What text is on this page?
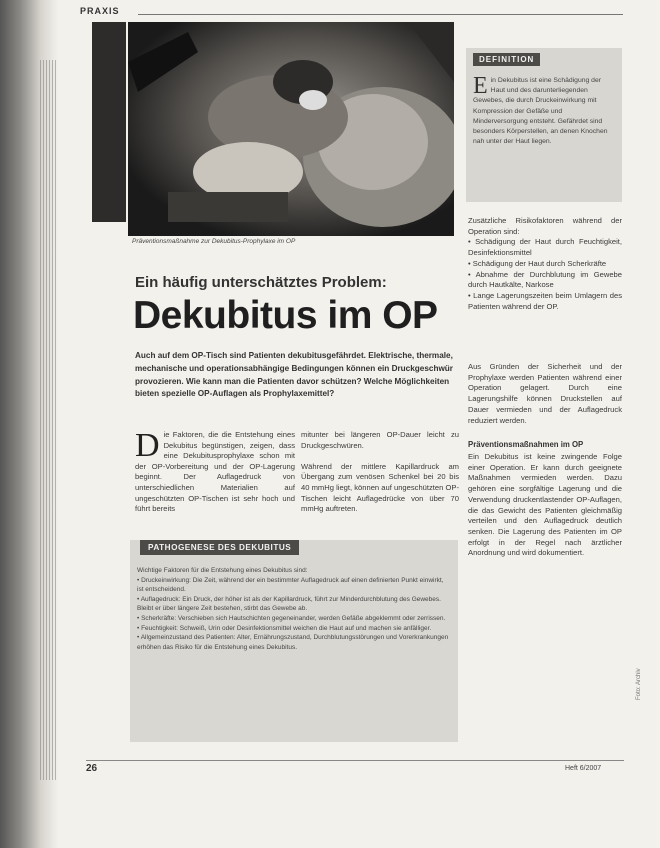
PRAXIS
Präventionsmaßnahme zur Dekubitus-Prophylaxe im OP
Ein häufig unterschätztes Problem:
Dekubitus im OP
Auch auf dem OP-Tisch sind Patienten dekubitusgefährdet. Elektrische, thermale, mechanische und operationsabhängige Bedingungen können ein Druckgeschwür provozieren. Wie kann man die Patienten davor schützen? Welche Möglichkeiten bieten spezielle OP-Auflagen als Prophylaxemittel?
D ie Faktoren, die die Entstehung eines Dekubitus begünstigen, zeigen, dass eine Dekubitusprophylaxe schon mit der OP-Vorbereitung und der OP-Lagerung beginnt. Der Auflagedruck von unterschiedlichen Materialien auf ungeschützten OP-Tischen ist sehr hoch und führt bereits
mitunter bei längeren OP-Dauer leicht zu Druckgeschwüren.

Während der mittlere Kapillardruck am Übergang zum venösen Schenkel bei 20 bis 40 mmHg liegt, können auf ungeschützten OP-Tischen leicht Auflagedrücke von über 70 mmHg auftreten.
DEFINITION
E in Dekubitus ist eine Schädigung der Haut und des darunterliegenden Gewebes, die durch Druckeinwirkung mit Kompression der Gefäße und Minderversorgung entsteht. Gefährdet sind besonders Körperstellen, an denen Knochen nah unter der Haut liegen.
Zusätzliche Risikofaktoren während der Operation sind:
• Schädigung der Haut durch Feuchtigkeit, Desinfektionsmittel
• Schädigung der Haut durch Scherkräfte
• Abnahme der Durchblutung im Gewebe durch Hautkälte, Narkose
• Lange Lagerungszeiten beim Umlagern des Patienten während der OP.
Aus Gründen der Sicherheit und der Prophylaxe werden Patienten während einer Operation gelagert. Durch eine Lagerungshilfe können Druckstellen auf Dauer vermieden und der Auflagedruck reduziert werden.
Präventionsmaßnahmen im OP
Ein Dekubitus ist keine zwingende Folge einer Operation. Er kann durch geeignete Maßnahmen vermieden werden. Dazu gehören eine sorgfältige Lagerung und die Verwendung druckentlastender OP-Auflagen, die das Gewicht des Patienten gleichmäßig verteilen und den Auflagedruck deutlich senken. Die Lagerung des Patienten im OP erfolgt in der Regel nach ärztlicher Anordnung und wird dokumentiert.
PATHOGENESE DES DEKUBITUS

Wichtige Faktoren für die Entstehung eines Dekubitus sind:

• Druckeinwirkung: Die Zeit, während der ein bestimmter Auflagedruck auf einen definierten Punkt einwirkt, ist entscheidend.

• Auflagedruck: Ein Druck, der höher ist als der Kapillardruck, führt zur Minderdurchblutung des Gewebes. Bleibt er über längere Zeit bestehen, stirbt das Gewebe ab.

• Scherkräfte: Verschieben sich Hautschichten gegeneinander, werden Gefäße abgeklemmt oder zerrissen.

• Feuchtigkeit: Schweiß, Urin oder Desinfektionsmittel weichen die Haut auf und machen sie anfälliger.

• Allgemeinzustand des Patienten: Alter, Ernährungszustand, Durchblutungsstörungen und Vorerkrankungen erhöhen das Risiko für die Entstehung eines Dekubitus.

Foto: Archiv
26	Heft 6/2007
